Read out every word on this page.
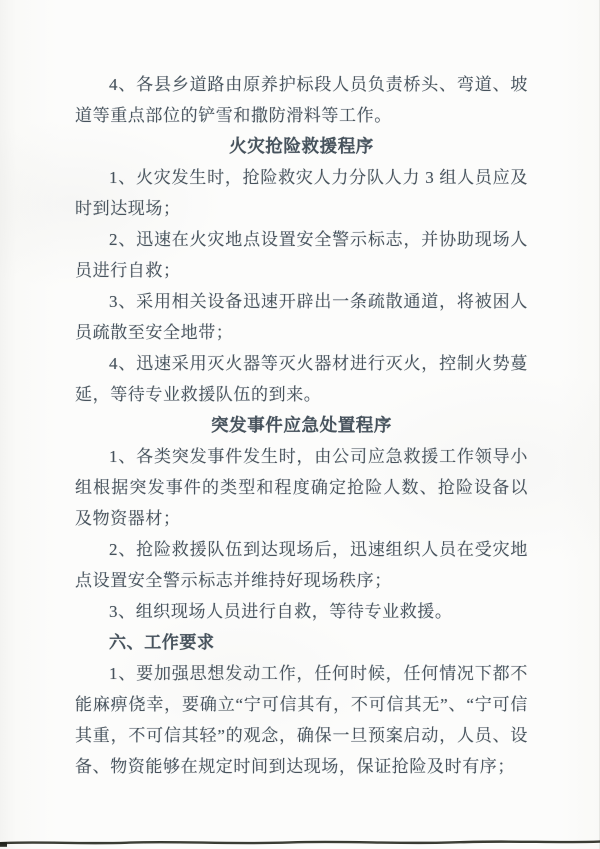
4、各县乡道路由原养护标段人员负责桥头、弯道、坡道等重点部位的铲雪和撒防滑料等工作。

火灾抢险救援程序

1、火灾发生时，抢险救灾人力分队人力 3 组人员应及时到达现场；

2、迅速在火灾地点设置安全警示标志，并协助现场人员进行自救；

3、采用相关设备迅速开辟出一条疏散通道，将被困人员疏散至安全地带；

4、迅速采用灭火器等灭火器材进行灭火，控制火势蔓延，等待专业救援队伍的到来。

突发事件应急处置程序

1、各类突发事件发生时，由公司应急救援工作领导小组根据突发事件的类型和程度确定抢险人数、抢险设备以及物资器材；

2、抢险救援队伍到达现场后，迅速组织人员在受灾地点设置安全警示标志并维持好现场秩序；

3、组织现场人员进行自救，等待专业救援。

六、工作要求

1、要加强思想发动工作，任何时候，任何情况下都不能麻痹侥幸，要确立“宁可信其有，不可信其无”、“宁可信其重，不可信其轻”的观念，确保一旦预案启动，人员、设备、物资能够在规定时间到达现场，保证抢险及时有序；
